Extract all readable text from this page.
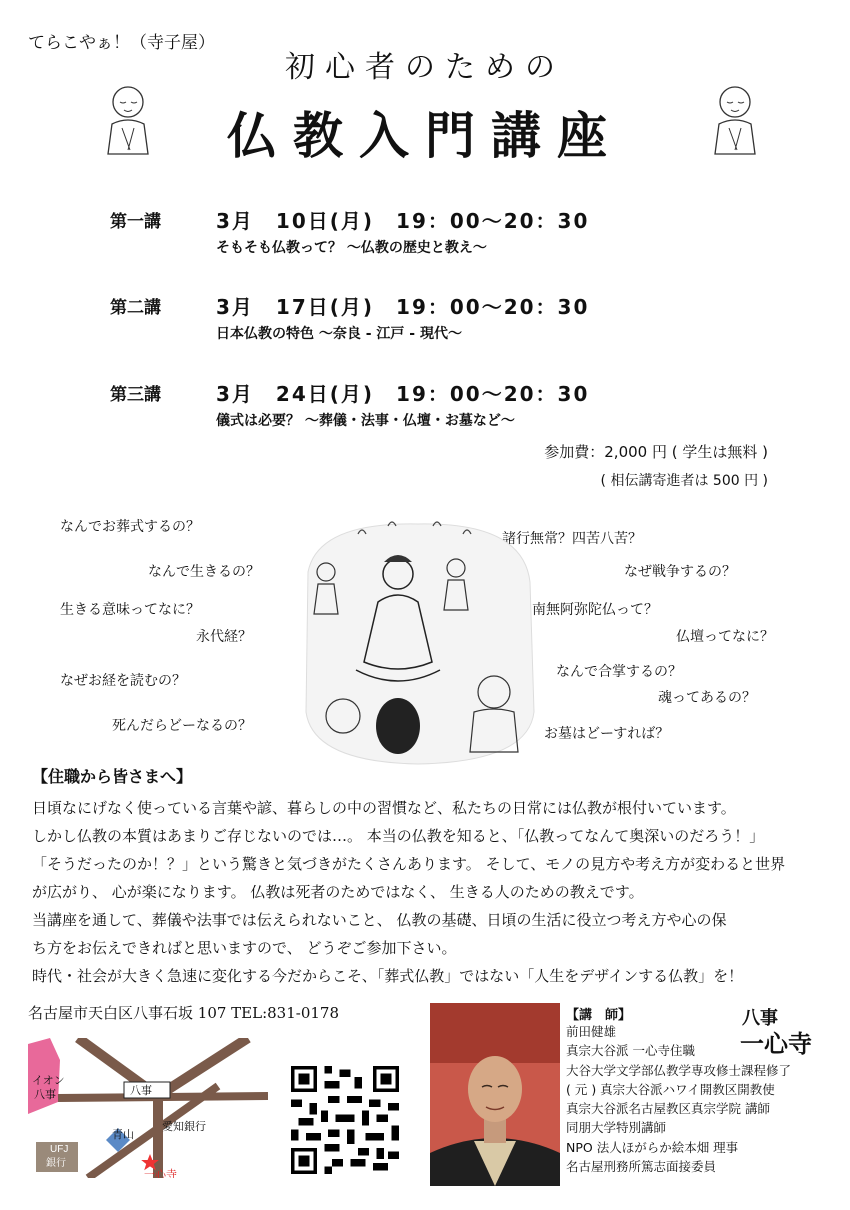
てらこやぁ！（寺子屋）
初心者のための
仏教入門講座
第一講	3月　10日(月)　19：00～20：30
そもそも仏教って？ ～仏教の歴史と教え～
第二講	3月　17日(月)　19：00～20：30
日本仏教の特色 ～奈良 - 江戸 - 現代～
第三講	3月　24日(月)　19：00～20：30
儀式は必要？ ～葬儀・法事・仏壇・お墓など～
参加費：2,000 円 ( 学生は無料 )
( 相伝講寄進者は 500 円 )
なんでお葬式するの？
なんで生きるの？
生きる意味ってなに？
永代経？
なぜお経を読むの？
死んだらどーなるの？
諸行無常？四苦八苦？
なぜ戦争するの？
南無阿弥陀仏って？
仏壇ってなに？
なんで合掌するの？
魂ってあるの？
お墓はどーすれば？
【住職から皆さまへ】

日頃なにげなく使っている言葉や諺、暮らしの中の習慣など、私たちの日常には仏教が根付いています。

しかし仏教の本質はあまりご存じないのでは…。 本当の仏教を知ると、「仏教ってなんて奥深いのだろう！」

「そうだったのか！？」という驚きと気づきがたくさんあります。 そして、モノの見方や考え方が変わると世界

が広がり、 心が楽になります。 仏教は死者のためではなく、 生きる人のための教えです。

当講座を通して、葬儀や法事では伝えられないこと、 仏教の基礎、日頃の生活に役立つ考え方や心の保

ち方をお伝えできればと思いますので、 どうぞご参加下さい。

時代・社会が大きく急速に変化する今だからこそ、「葬式仏教」ではない「人生をデザインする仏教」を！

名古屋市天白区八事石坂 107 TEL:831-0178
イオン
八事	八事
青山
愛知銀行
UFJ
銀行
一心寺
【講　師】
前田健雄
真宗大谷派 一心寺住職
大谷大学文学部仏教学専攻修士課程修了
( 元 ) 真宗大谷派ハワイ開教区開教使
真宗大谷派名古屋教区真宗学院 講師
同朋大学特別講師
NPO 法人ほがらか絵本畑 理事
名古屋刑務所篤志面接委員
八事
一心寺
